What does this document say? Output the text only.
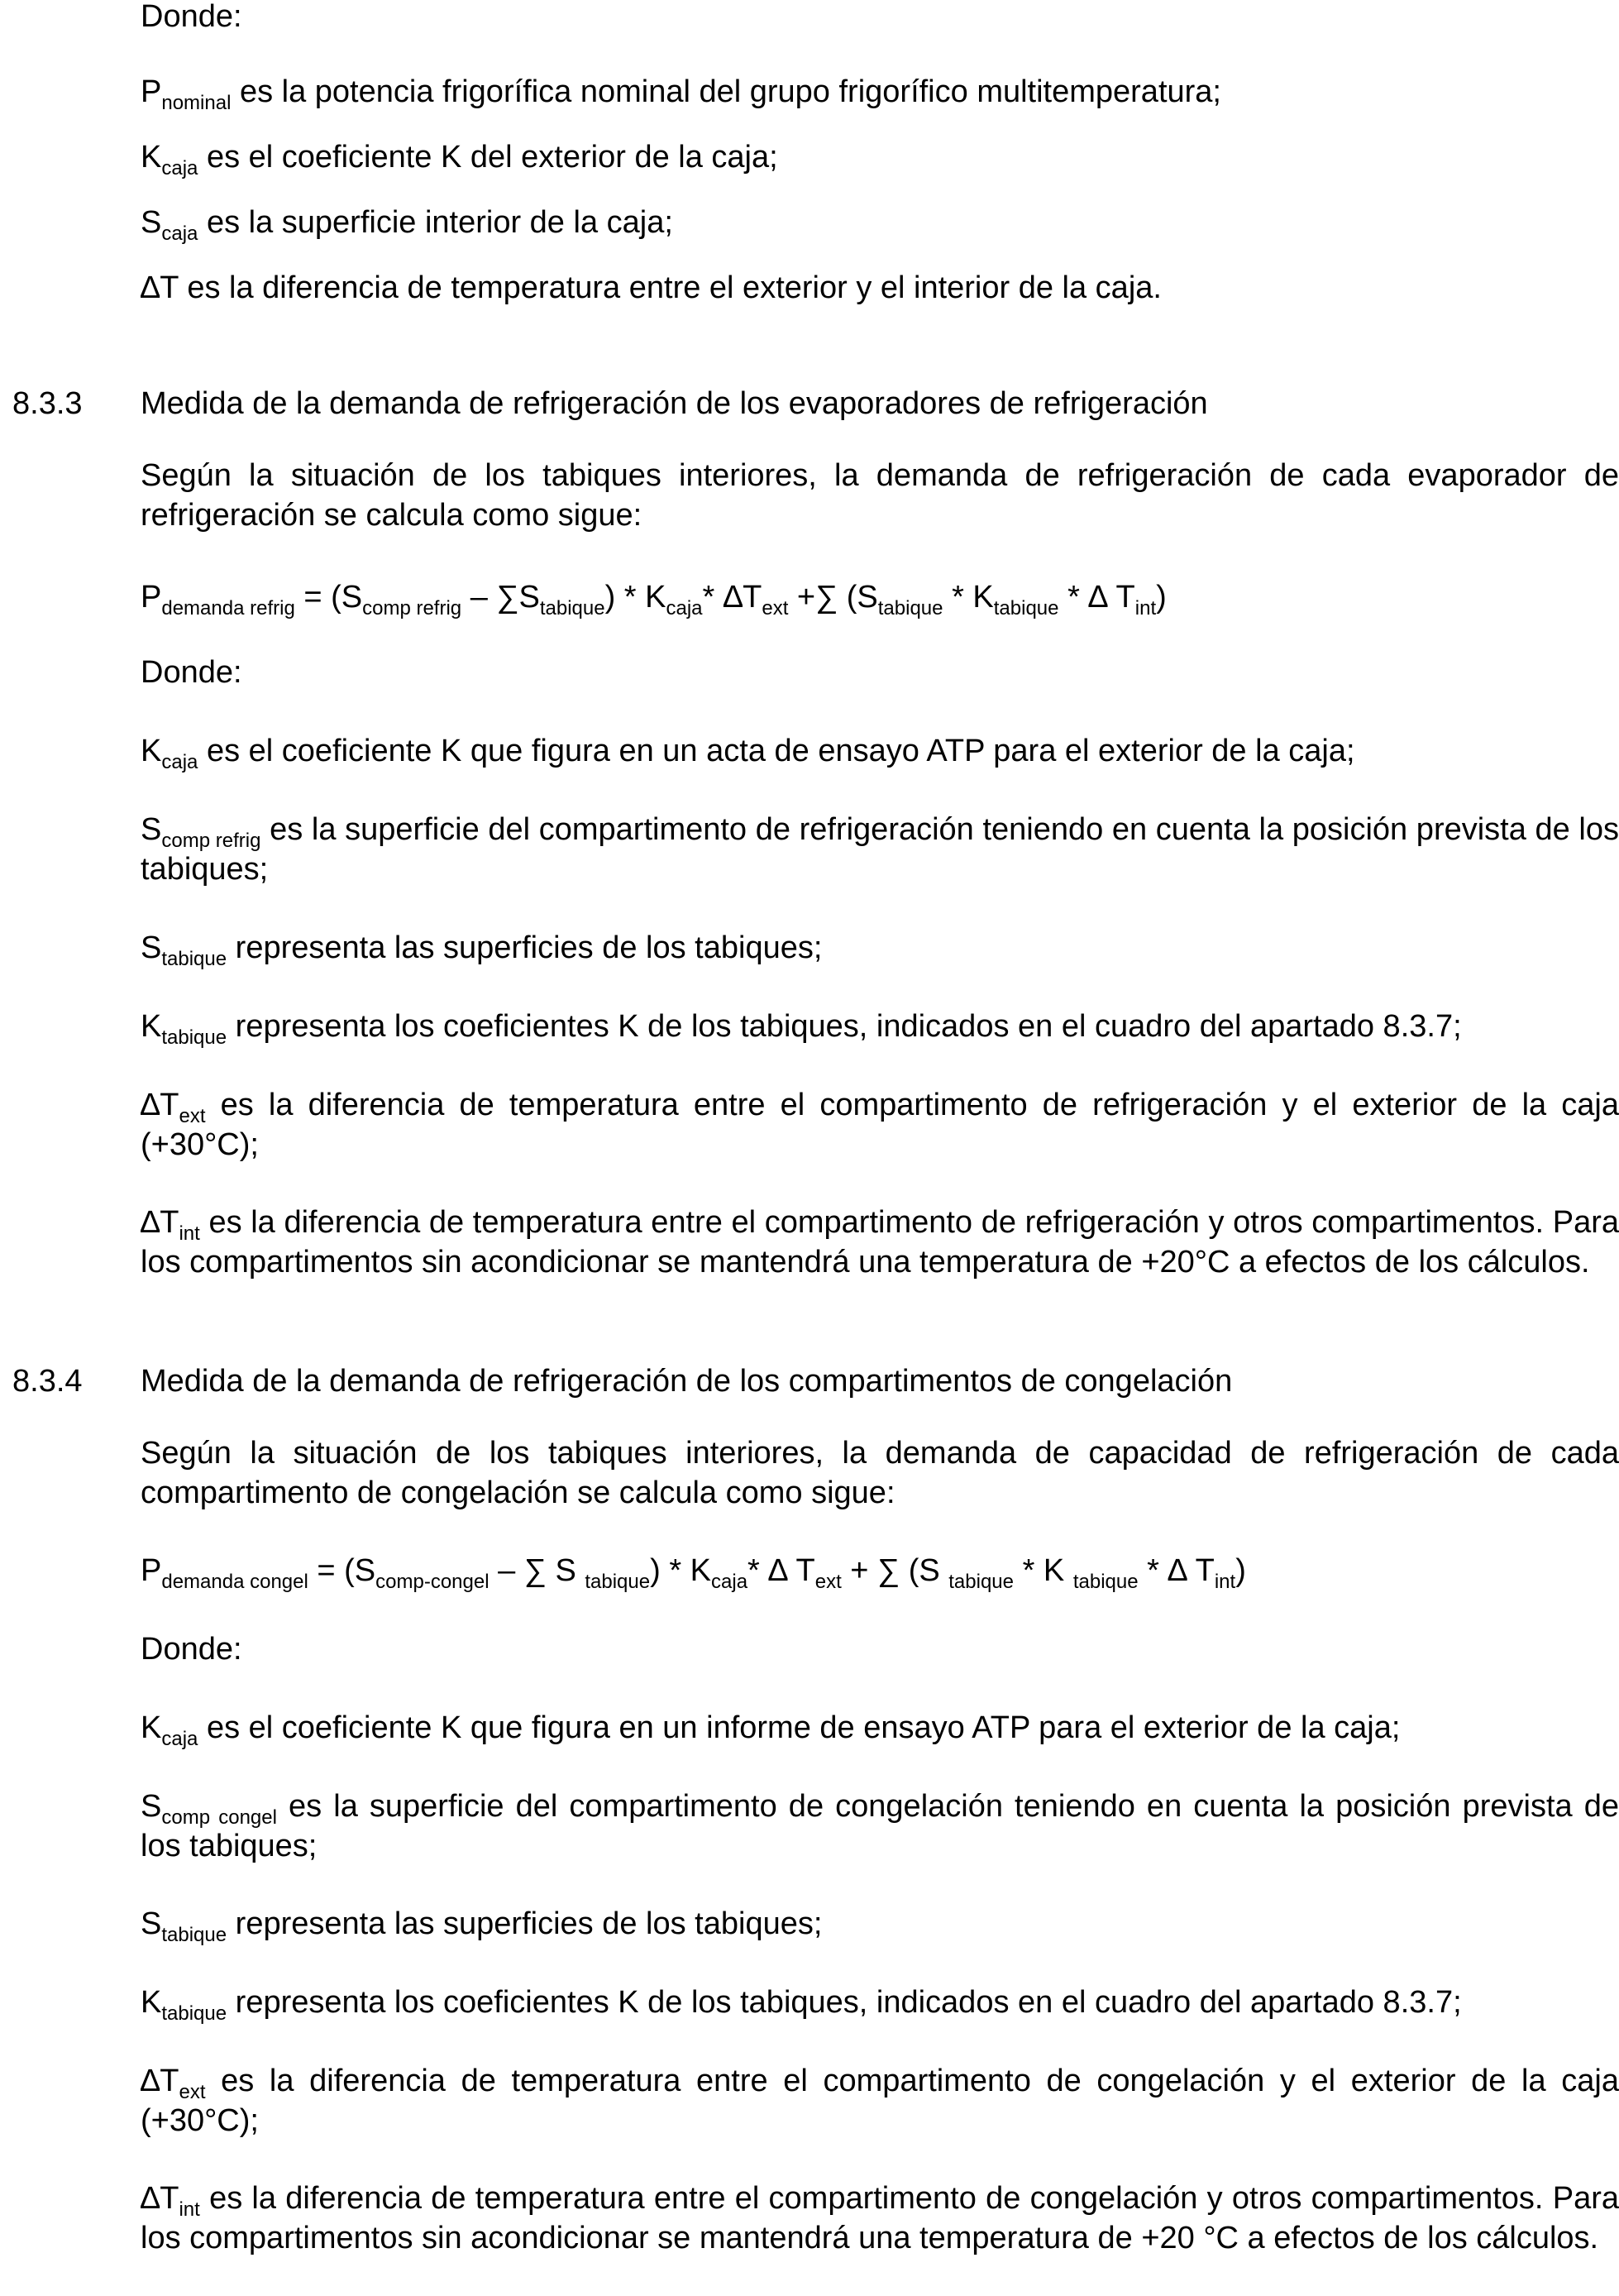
Donde:

$P_{nominal}$ es la potencia frigorífica nominal del grupo frigorífico multitemperatura;

$K_{caja}$ es el coeficiente K del exterior de la caja;

$S_{caja}$ es la superficie interior de la caja;

∆T es la diferencia de temperatura entre el exterior y el interior de la caja.

8.3.3 Medida de la demanda de refrigeración de los evaporadores de refrigeración

Según la situación de los tabiques interiores, la demanda de refrigeración de cada evaporador de refrigeración se calcula como sigue:

$P_{demanda refrig} = (S_{comp refrig} - \sum S_{tabique}) * K_{caja}*$ $\Delta T_{ext}$ +∑ ($S_{tabique} * K_{tabique}$ * ∆ $T_{int}$)

Donde:

$K_{caja}$ es el coeficiente K que figura en un acta de ensayo ATP para el exterior de la caja;

$S_{comp refrig}$ es la superficie del compartimento de refrigeración teniendo en cuenta la posición prevista de los tabiques;

$S_{tabique}$ representa las superficies de los tabiques;

$K_{tabique}$ representa los coeficientes K de los tabiques, indicados en el cuadro del apartado 8.3.7;

$\Delta T_{ext}$ es la diferencia de temperatura entre el compartimento de refrigeración y el exterior de la caja (+30°C);

$\Delta T_{int}$ es la diferencia de temperatura entre el compartimento de refrigeración y otros compartimentos. Para los compartimentos sin acondicionar se mantendrá una temperatura de +20°C a efectos de los cálculos.

8.3.4 Medida de la demanda de refrigeración de los compartimentos de congelación

Según la situación de los tabiques interiores, la demanda de capacidad de refrigeración de cada compartimento de congelación se calcula como sigue:

$P_{demanda congel} = (S_{comp-congel}$ – ∑ S $_{tabique}) * K_{caja}*$ ∆ $T_{ext}$ + ∑ (S $_{tabique}$ * K $_{tabique}$ * ∆ $T_{int}$)

Donde:

$K_{caja}$ es el coeficiente K que figura en un informe de ensayo ATP para el exterior de la caja;

$S_{comp congel}$ es la superficie del compartimento de congelación teniendo en cuenta la posición prevista de los tabiques;

$S_{tabique}$ representa las superficies de los tabiques;

$K_{tabique}$ representa los coeficientes K de los tabiques, indicados en el cuadro del apartado 8.3.7;

$\Delta T_{ext}$ es la diferencia de temperatura entre el compartimento de congelación y el exterior de la caja (+30°C);

$\Delta T_{int}$ es la diferencia de temperatura entre el compartimento de congelación y otros compartimentos. Para los compartimentos sin acondicionar se mantendrá una temperatura de +20 °C a efectos de los cálculos.
